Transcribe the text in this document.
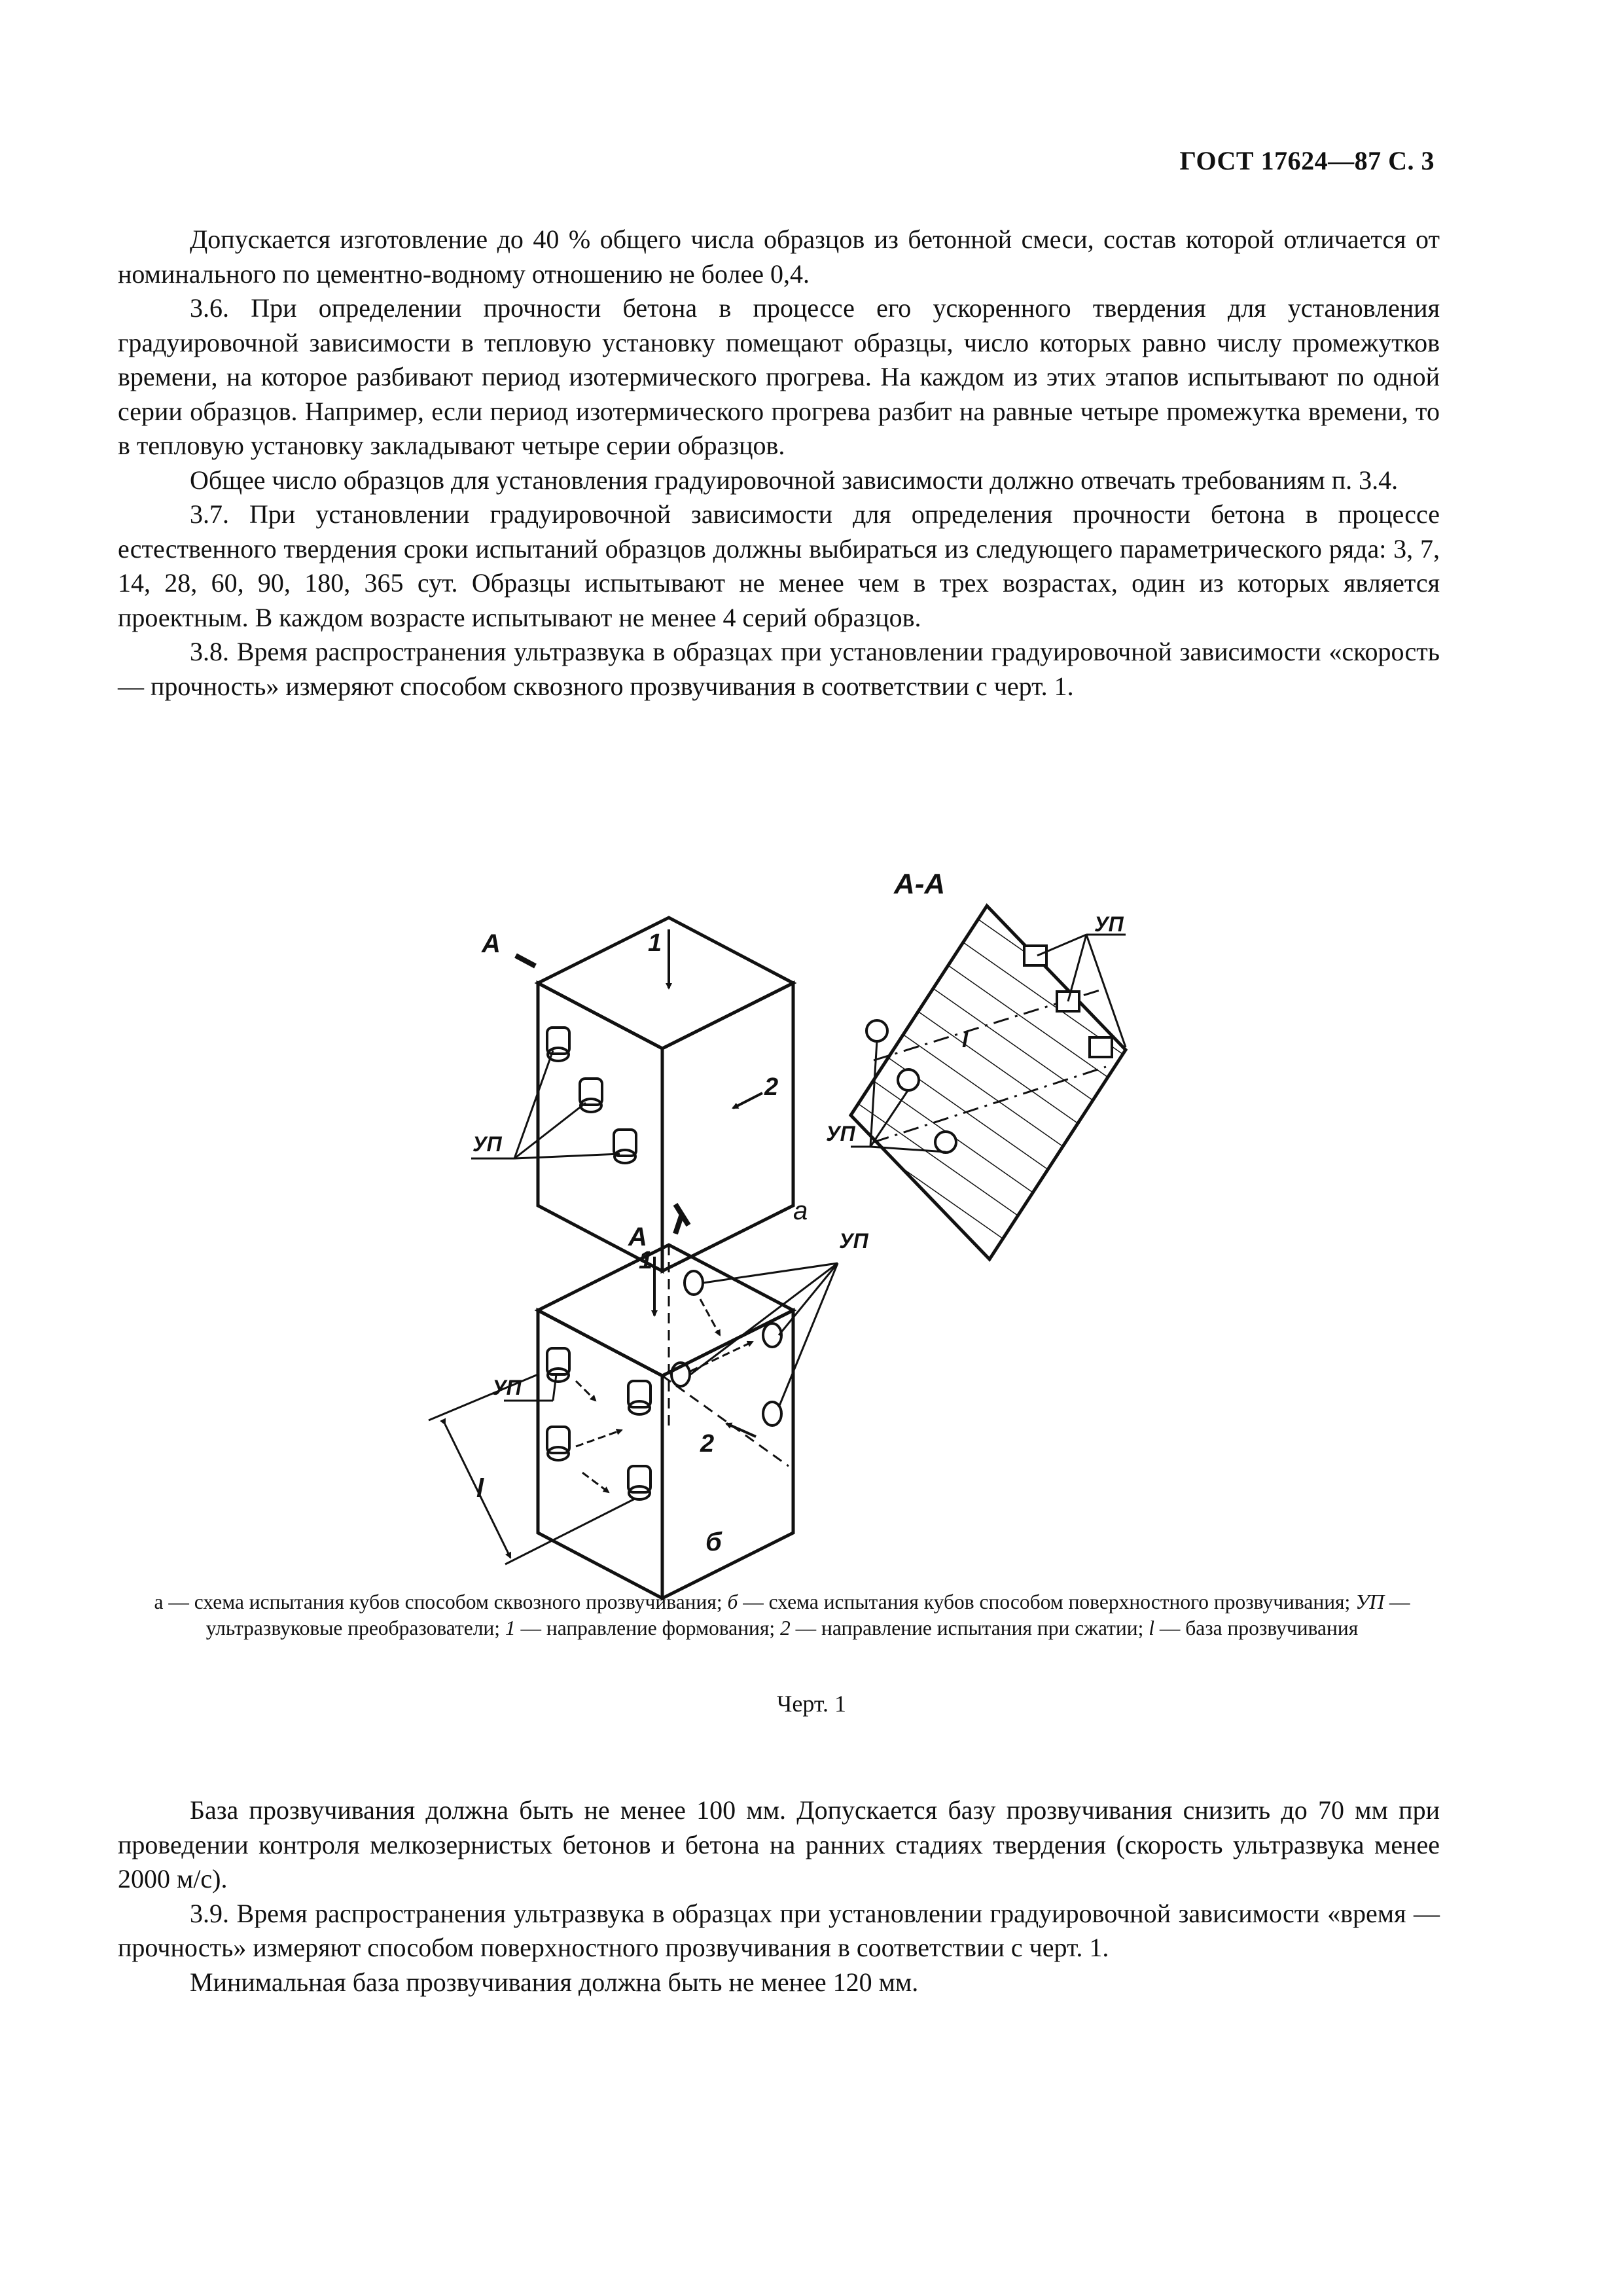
ГОСТ 17624—87 С. 3

Допускается изготовление до 40 % общего числа образцов из бетонной смеси, состав которой отличается от номинального по цементно-водному отношению не более 0,4.

3.6. При определении прочности бетона в процессе его ускоренного твердения для установления градуировочной зависимости в тепловую установку помещают образцы, число которых равно числу промежутков времени, на которое разбивают период изотермического прогрева. На каждом из этих этапов испытывают по одной серии образцов. Например, если период изотермического прогрева разбит на равные четыре промежутка времени, то в тепловую установку закладывают четыре серии образцов.

Общее число образцов для установления градуировочной зависимости должно отвечать требованиям п. 3.4.

3.7. При установлении градуировочной зависимости для определения прочности бетона в процессе естественного твердения сроки испытаний образцов должны выбираться из следующего параметрического ряда: 3, 7, 14, 28, 60, 90, 180, 365 сут. Образцы испытывают не менее чем в трех возрастах, один из которых является проектным. В каждом возрасте испытывают не менее 4 серий образцов.

3.8. Время распространения ультразвука в образцах при установлении градуировочной зависимости «скорость — прочность» измеряют способом сквозного прозвучивания в соответствии с черт. 1.

А-А
А
А
1
1
2
2
УП
УП
УП
УП
УП
l
l
а
б
а — схема испытания кубов способом сквозного прозвучивания; б — схема испытания кубов способом поверхностного прозвучивания; УП — ультразвуковые преобразователи; 1 — направление формования; 2 — направление испытания при сжатии; l — база прозвучивания
Черт. 1

База прозвучивания должна быть не менее 100 мм. Допускается базу прозвучивания снизить до 70 мм при проведении контроля мелкозернистых бетонов и бетона на ранних стадиях твердения (скорость ультразвука менее 2000 м/с).

3.9. Время распространения ультразвука в образцах при установлении градуировочной зависимости «время — прочность» измеряют способом поверхностного прозвучивания в соответствии с черт. 1.

Минимальная база прозвучивания должна быть не менее 120 мм.
